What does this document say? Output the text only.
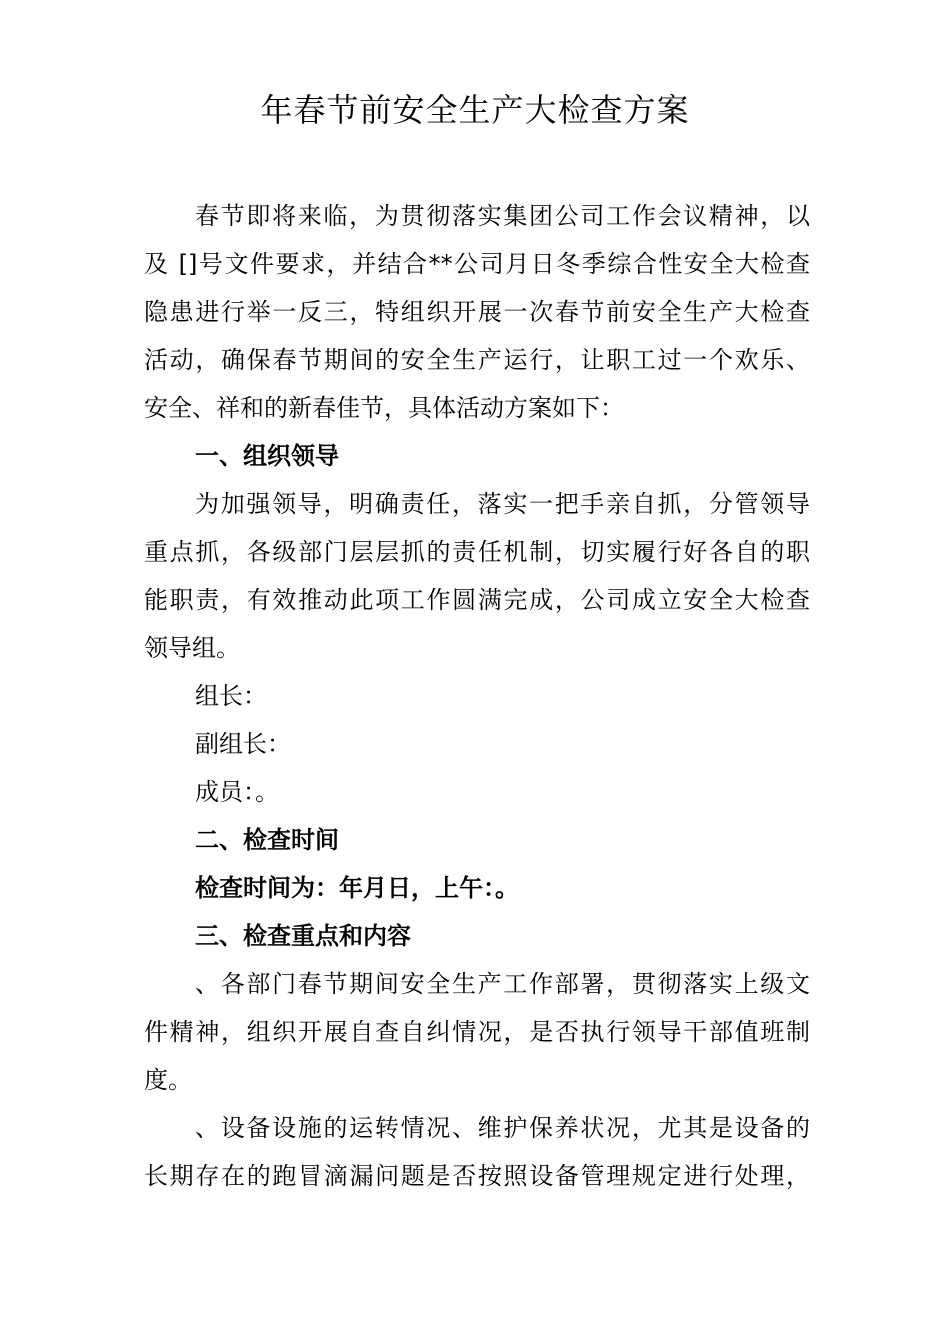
年春节前安全生产大检查方案
春节即将来临，为贯彻落实集团公司工作会议精神，以
及 []号文件要求，并结合**公司月日冬季综合性安全大检查
隐患进行举一反三，特组织开展一次春节前安全生产大检查
活动，确保春节期间的安全生产运行，让职工过一个欢乐、
安全、祥和的新春佳节，具体活动方案如下：
一、组织领导
为加强领导，明确责任，落实一把手亲自抓，分管领导
重点抓，各级部门层层抓的责任机制，切实履行好各自的职
能职责，有效推动此项工作圆满完成，公司成立安全大检查
领导组。
组长：
副组长：
成员：。
二、检查时间
检查时间为：年月日，上午：。
三、检查重点和内容
、各部门春节期间安全生产工作部署，贯彻落实上级文
件精神，组织开展自查自纠情况，是否执行领导干部值班制
度。
、设备设施的运转情况、维护保养状况，尤其是设备的
长期存在的跑冒滴漏问题是否按照设备管理规定进行处理，
